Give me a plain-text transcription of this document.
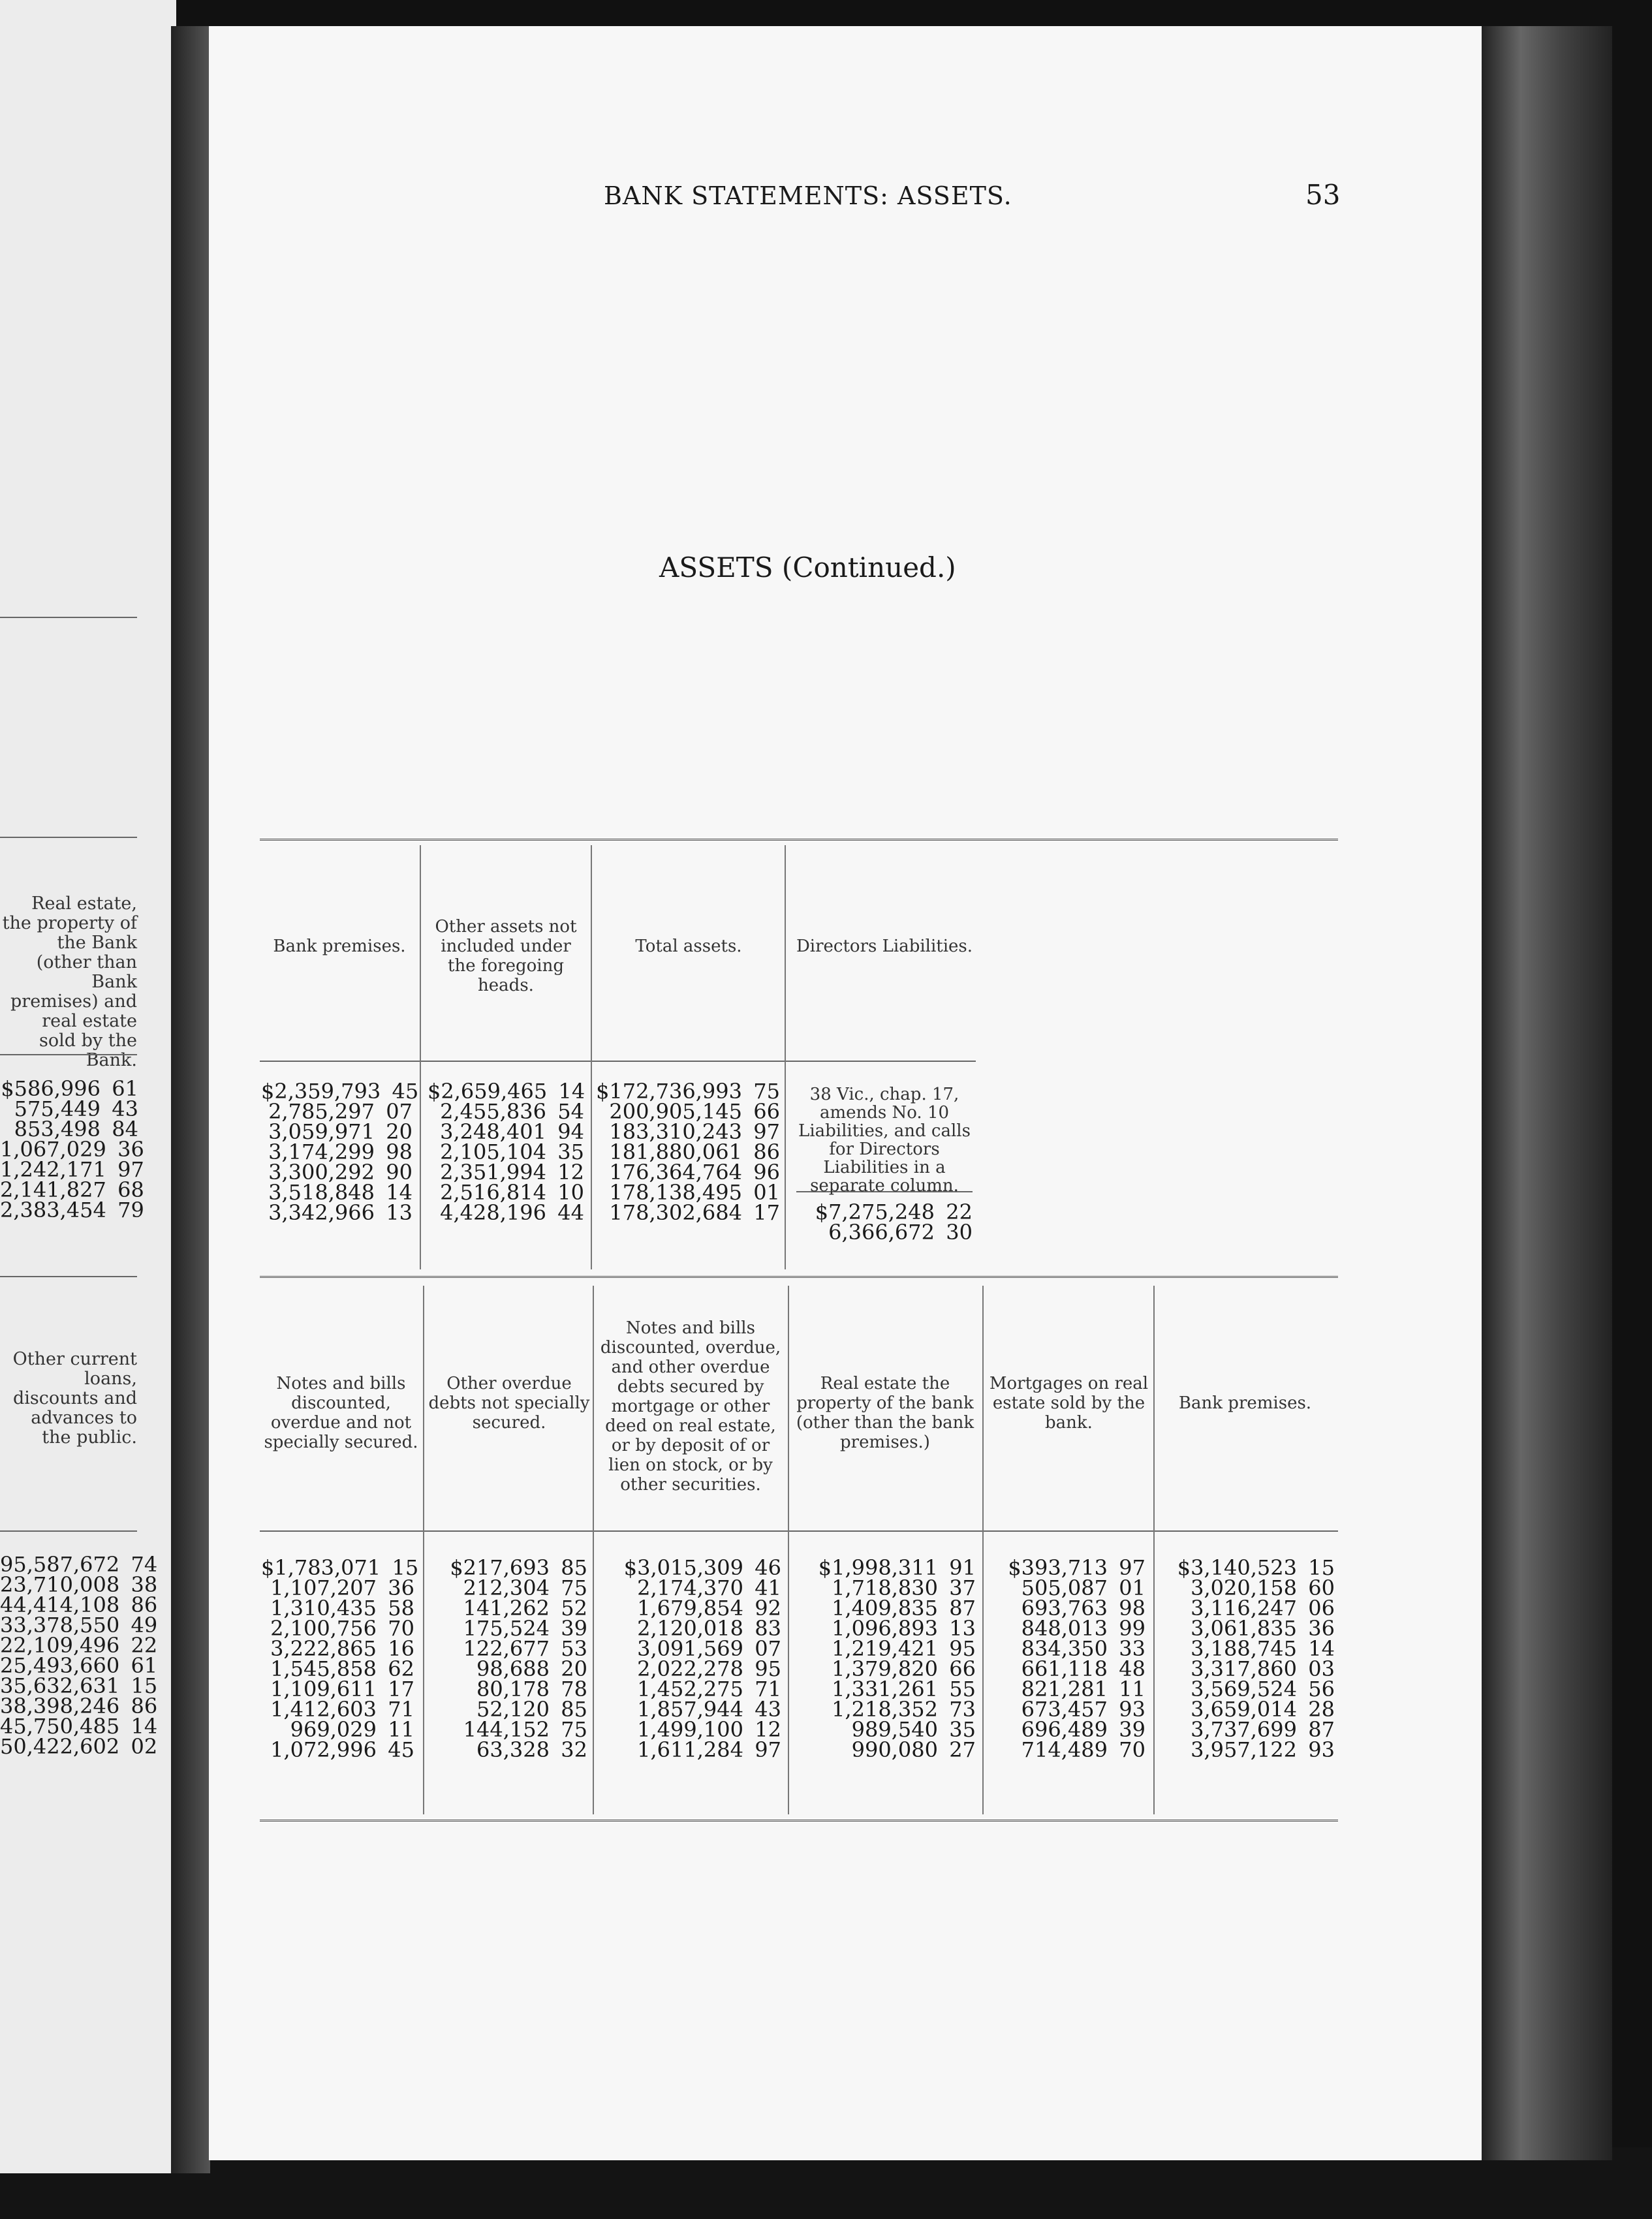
Real estate, the property of the Bank (other than Bank premises) and real estate sold by the Bank.
Other current loans, discounts and advances to the public.
BANK STATEMENTS: ASSETS.	53
ASSETS (Continued.)
Bank premises.
Other assets not included under the foregoing heads.
Total assets.	Directors Liabilities.
$2,359,793 45
2,785,297 07
3,059,971 20
3,174,299 98
3,300,292 90
3,518,848 14
3,342,966 13
$2,659,465 14
2,455,836 54
3,248,401 94
2,105,104 35
2,351,994 12
2,516,814 10
4,428,196 44
$172,736,993 75
200,905,145 66
183,310,243 97
181,880,061 86
176,364,764 96
178,138,495 01
178,302,684 17
38 Vic., chap. 17, amends No. 10 Liabilities, and calls for Directors Liabilities in a separate column.
$7,275,248 22
6,366,672 30
Notes and bills discounted, overdue and not specially secured.
Other overdue debts not specially secured.
Notes and bills discounted, overdue, and other overdue debts secured by mortgage or other deed on real estate, or by deposit of or lien on stock, or by other securities.
Real estate the property of the bank (other than the bank premises.)
Mortgages on real estate sold by the bank.
Bank premises.
$1,783,071 15
1,107,207 36
1,310,435 58
2,100,756 70
3,222,865 16
1,545,858 62
1,109,611 17
1,412,603 71
969,029 11
1,072,996 45
$217,693 85
212,304 75
141,262 52
175,524 39
122,677 53
98,688 20
80,178 78
52,120 85
144,152 75
63,328 32
$3,015,309 46
2,174,370 41
1,679,854 92
2,120,018 83
3,091,569 07
2,022,278 95
1,452,275 71
1,857,944 43
1,499,100 12
1,611,284 97
$1,998,311 91
1,718,830 37
1,409,835 87
1,096,893 13
1,219,421 95
1,379,820 66
1,331,261 55
1,218,352 73
989,540 35
990,080 27
$393,713 97
505,087 01
693,763 98
848,013 99
834,350 33
661,118 48
821,281 11
673,457 93
696,489 39
714,489 70
$3,140,523 15
3,020,158 60
3,116,247 06
3,061,835 36
3,188,745 14
3,317,860 03
3,569,524 56
3,659,014 28
3,737,699 87
3,957,122 93
$586,996 61
575,449 43
853,498 84
1,067,029 36
1,242,171 97
2,141,827 68
2,383,454 79
95,587,672 74
23,710,008 38
44,414,108 86
33,378,550 49
22,109,496 22
25,493,660 61
35,632,631 15
38,398,246 86
45,750,485 14
50,422,602 02
